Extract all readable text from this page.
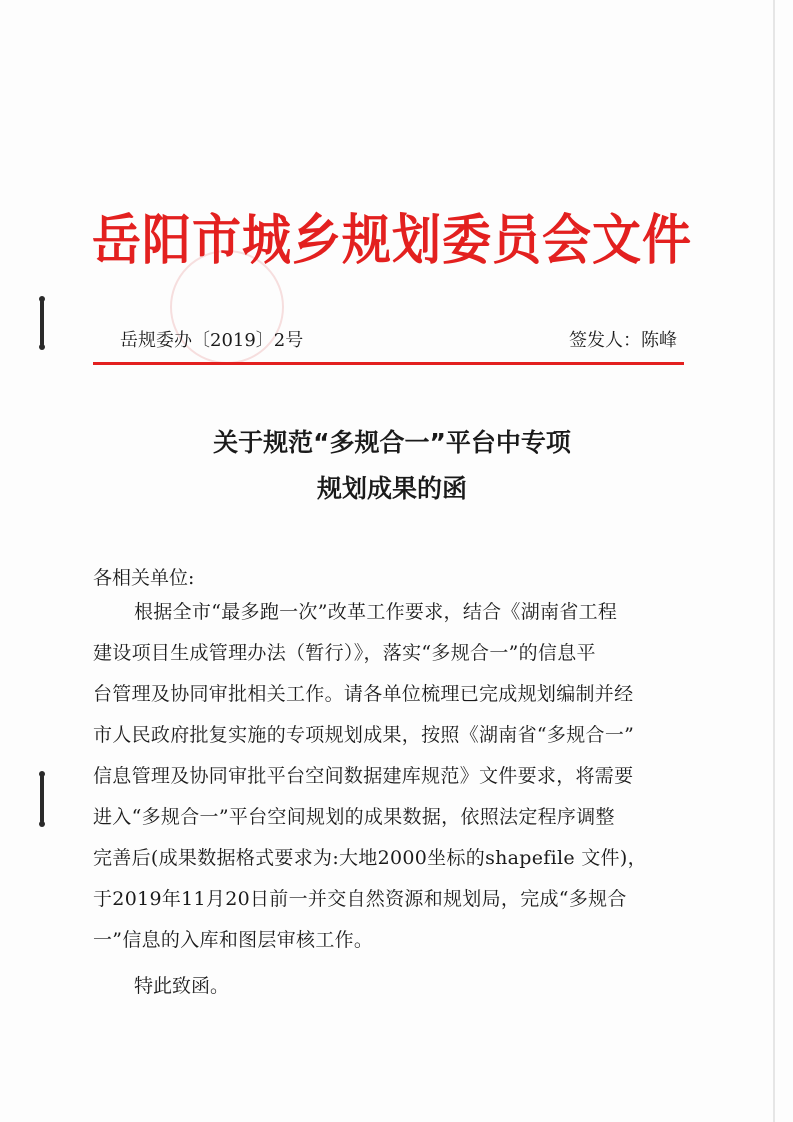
岳阳市城乡规划委员会文件
岳规委办〔2019〕2号	签发人：陈峰
关于规范“多规合一”平台中专项
规划成果的函
各相关单位:
根据全市“最多跑一次”改革工作要求，结合《湖南省工程
建设项目生成管理办法（暂行）》，落实“多规合一”的信息平
台管理及协同审批相关工作。请各单位梳理已完成规划编制并经
市人民政府批复实施的专项规划成果，按照《湖南省“多规合一”
信息管理及协同审批平台空间数据建库规范》文件要求，将需要
进入“多规合一”平台空间规划的成果数据，依照法定程序调整
完善后(成果数据格式要求为:大地2000坐标的shapefile 文件)，
于2019年11月20日前一并交自然资源和规划局，完成“多规合
一”信息的入库和图层审核工作。
特此致函。
